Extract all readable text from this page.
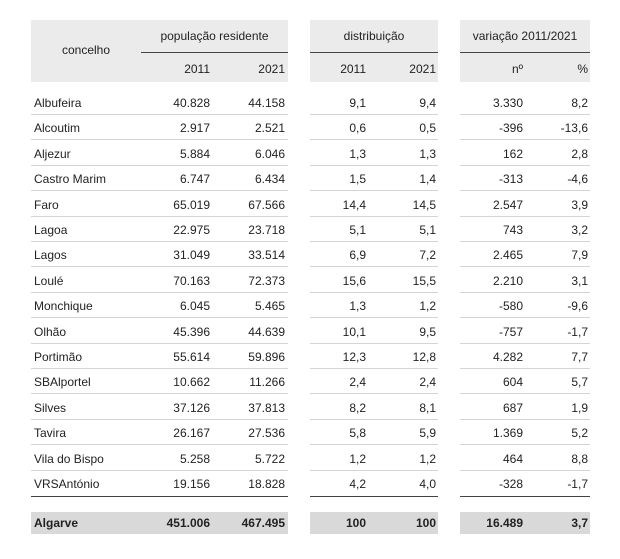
concelho
população residente	distribuição	variação 2011/2021
2011	2021	2011	2021	nº	%
Albufeira	40.828	44.158	9,1	9,4	3.330	8,2
Alcoutim	2.917	2.521	0,6	0,5	-396	-13,6
Aljezur	5.884	6.046	1,3	1,3	162	2,8
Castro Marim	6.747	6.434	1,5	1,4	-313	-4,6
Faro	65.019	67.566	14,4	14,5	2.547	3,9
Lagoa	22.975	23.718	5,1	5,1	743	3,2
Lagos	31.049	33.514	6,9	7,2	2.465	7,9
Loulé	70.163	72.373	15,6	15,5	2.210	3,1
Monchique	6.045	5.465	1,3	1,2	-580	-9,6
Olhão	45.396	44.639	10,1	9,5	-757	-1,7
Portimão	55.614	59.896	12,3	12,8	4.282	7,7
SBAlportel	10.662	11.266	2,4	2,4	604	5,7
Silves	37.126	37.813	8,2	8,1	687	1,9
Tavira	26.167	27.536	5,8	5,9	1.369	5,2
Vila do Bispo	5.258	5.722	1,2	1,2	464	8,8
VRSAntónio	19.156	18.828	4,2	4,0	-328	-1,7
Algarve	451.006	467.495	100	100	16.489	3,7
